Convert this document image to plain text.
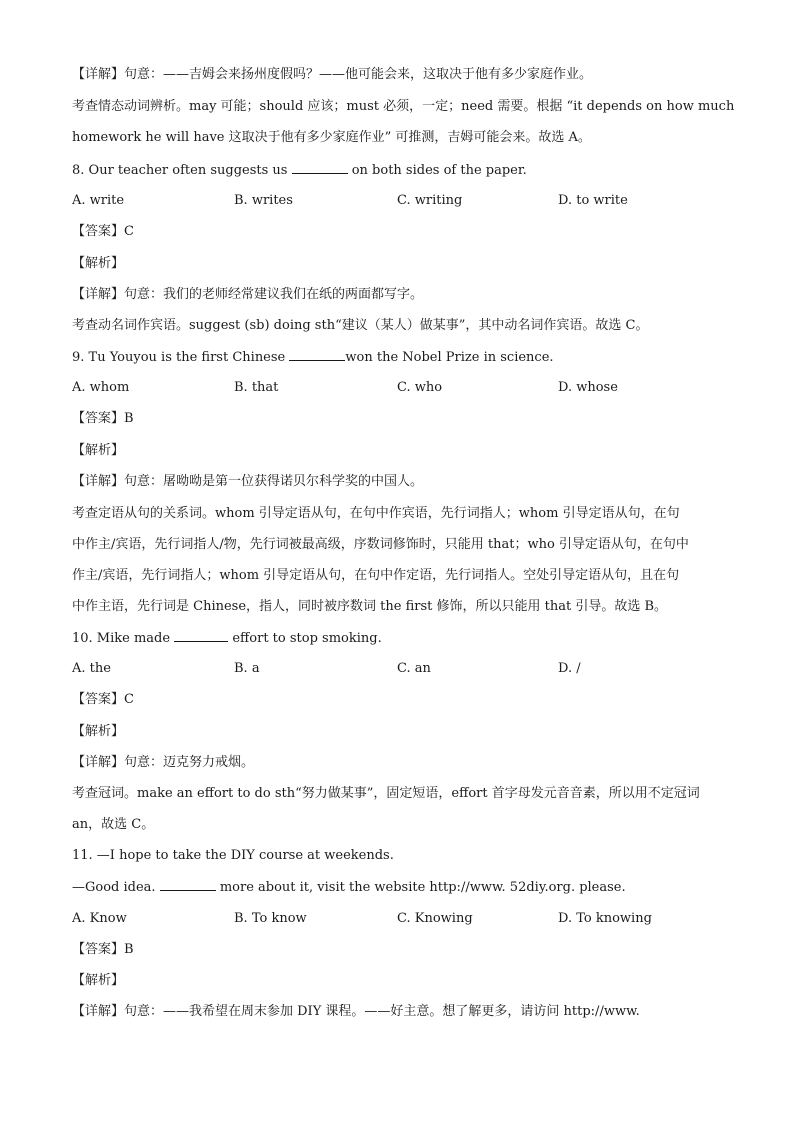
【详解】句意：——吉姆会来扬州度假吗？——他可能会来，这取决于他有多少家庭作业。
考查情态动词辨析。may 可能；should 应该；must 必须，一定；need 需要。根据 “it depends on how much
homework he will have 这取决于他有多少家庭作业” 可推测，吉姆可能会来。故选 A。
8. Our teacher often suggests us	on both sides of the paper.
A. write	B. writes	C. writing	D. to write
【答案】C
【解析】
【详解】句意：我们的老师经常建议我们在纸的两面都写字。
考查动名词作宾语。suggest (sb) doing sth“建议（某人）做某事”，其中动名词作宾语。故选 C。
9. Tu Youyou is the first Chinese	won the Nobel Prize in science.
A. whom	B. that	C. who	D. whose
【答案】B
【解析】
【详解】句意：屠呦呦是第一位获得诺贝尔科学奖的中国人。
考查定语从句的关系词。whom 引导定语从句，在句中作宾语，先行词指人；whom 引导定语从句，在句
中作主/宾语，先行词指人/物，先行词被最高级，序数词修饰时，只能用 that；who 引导定语从句，在句中
作主/宾语，先行词指人；whom 引导定语从句，在句中作定语，先行词指人。空处引导定语从句，且在句
中作主语，先行词是 Chinese，指人，同时被序数词 the first 修饰，所以只能用 that 引导。故选 B。
10. Mike made	effort to stop smoking.
A. the	B. a	C. an	D. /
【答案】C
【解析】
【详解】句意：迈克努力戒烟。
考查冠词。make an effort to do sth“努力做某事”，固定短语，effort 首字母发元音音素，所以用不定冠词
an，故选 C。
11. —I hope to take the DIY course at weekends.
—Good idea.	more about it, visit the website http://www. 52diy.org. please.
A. Know	B. To know	C. Knowing	D. To knowing
【答案】B
【解析】
【详解】句意：——我希望在周末参加 DIY 课程。——好主意。想了解更多，请访问 http://www.
